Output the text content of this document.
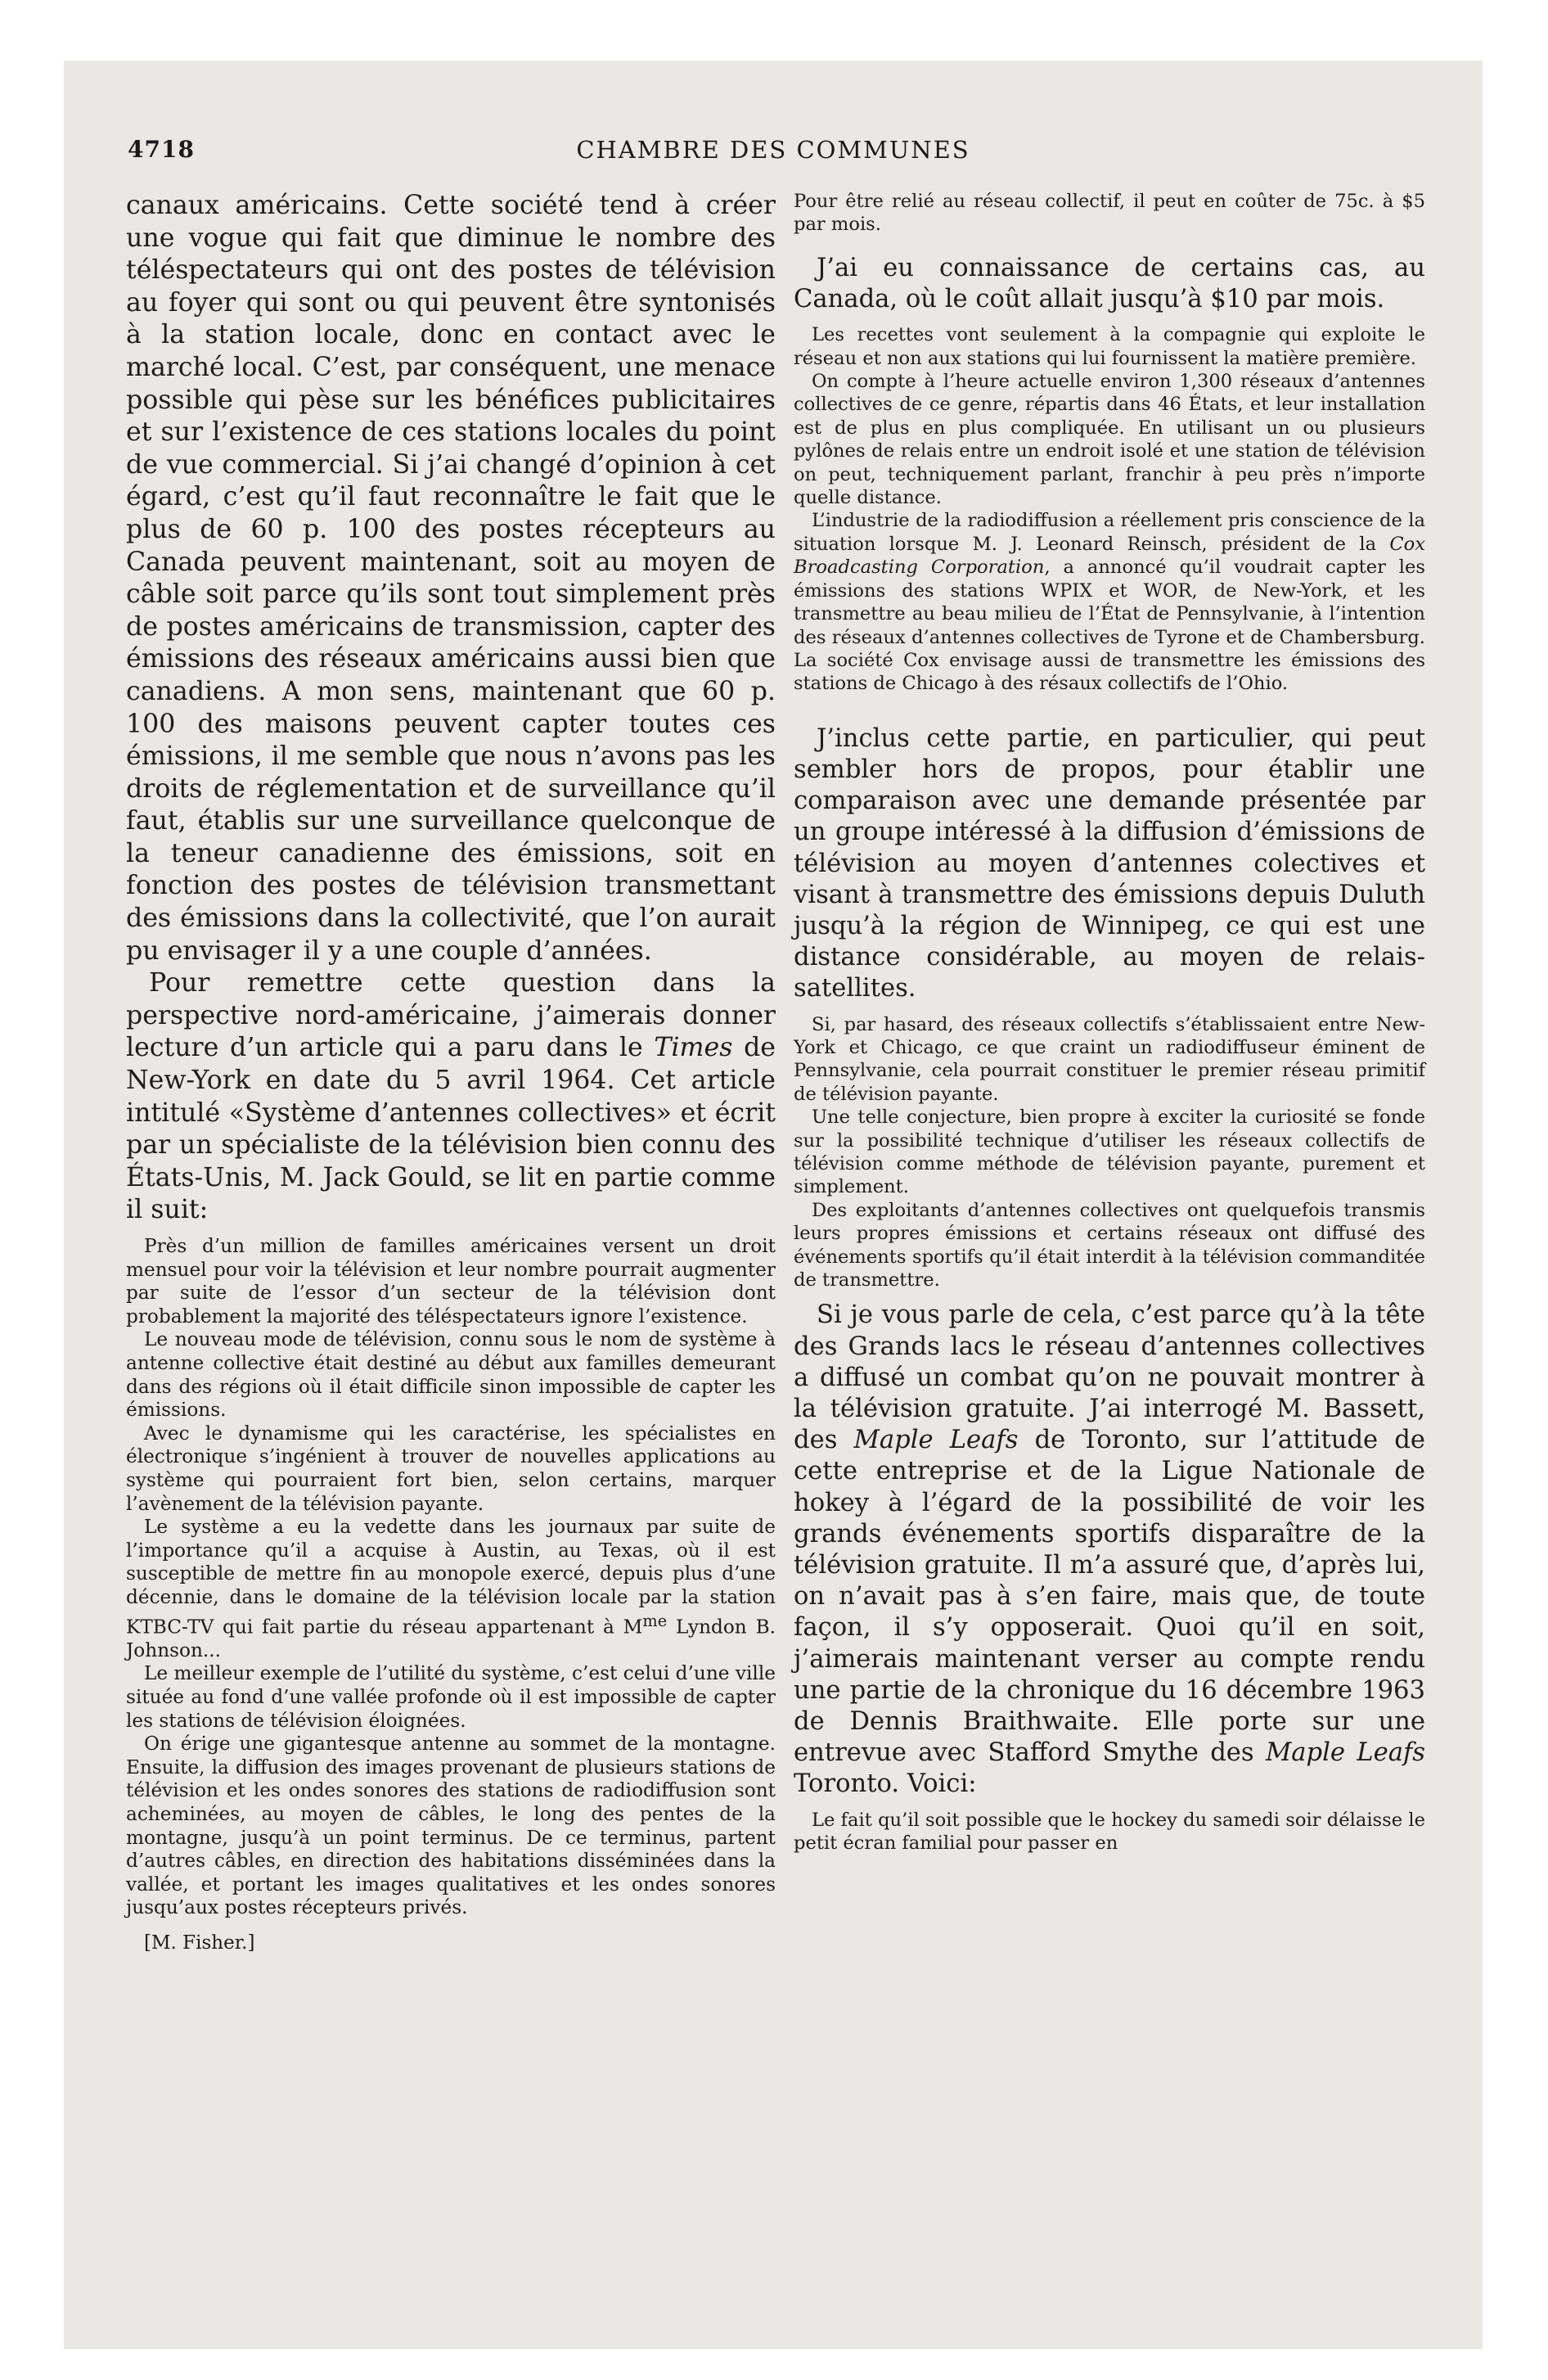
4718	CHAMBRE DES COMMUNES

canaux américains. Cette société tend à créer une vogue qui fait que diminue le nombre des téléspectateurs qui ont des postes de télévision au foyer qui sont ou qui peuvent être syntonisés à la station locale, donc en contact avec le marché local. C’est, par conséquent, une menace possible qui pèse sur les bénéfices publicitaires et sur l’existence de ces stations locales du point de vue commercial. Si j’ai changé d’opinion à cet égard, c’est qu’il faut reconnaître le fait que le plus de 60 p. 100 des postes récepteurs au Canada peuvent maintenant, soit au moyen de câble soit parce qu’ils sont tout simplement près de postes américains de transmission, capter des émissions des réseaux américains aussi bien que canadiens. A mon sens, maintenant que 60 p. 100 des maisons peuvent capter toutes ces émissions, il me semble que nous n’avons pas les droits de réglementation et de surveillance qu’il faut, établis sur une surveillance quelconque de la teneur canadienne des émissions, soit en fonction des postes de télévision transmettant des émissions dans la collectivité, que l’on aurait pu envisager il y a une couple d’années.

Pour remettre cette question dans la perspective nord-américaine, j’aimerais donner lecture d’un article qui a paru dans le Times de New-York en date du 5 avril 1964. Cet article intitulé «Système d’antennes collectives» et écrit par un spécialiste de la télévision bien connu des États-Unis, M. Jack Gould, se lit en partie comme il suit:

Près d’un million de familles américaines versent un droit mensuel pour voir la télévision et leur nombre pourrait augmenter par suite de l’essor d’un secteur de la télévision dont probablement la majorité des téléspectateurs ignore l’existence.

Le nouveau mode de télévision, connu sous le nom de système à antenne collective était destiné au début aux familles demeurant dans des régions où il était difficile sinon impossible de capter les émissions.

Avec le dynamisme qui les caractérise, les spécialistes en électronique s’ingénient à trouver de nouvelles applications au système qui pourraient fort bien, selon certains, marquer l’avènement de la télévision payante.

Le système a eu la vedette dans les journaux par suite de l’importance qu’il a acquise à Austin, au Texas, où il est susceptible de mettre fin au monopole exercé, depuis plus d’une décennie, dans le domaine de la télévision locale par la station KTBC-TV qui fait partie du réseau appartenant à $M^{me}$ Lyndon B. Johnson...

Le meilleur exemple de l’utilité du système, c’est celui d’une ville située au fond d’une vallée profonde où il est impossible de capter les stations de télévision éloignées.

On érige une gigantesque antenne au sommet de la montagne. Ensuite, la diffusion des images provenant de plusieurs stations de télévision et les ondes sonores des stations de radiodiffusion sont acheminées, au moyen de câbles, le long des pentes de la montagne, jusqu’à un point terminus. De ce terminus, partent d’autres câbles, en direction des habitations disséminées dans la vallée, et portant les images qualitatives et les ondes sonores jusqu’aux postes récepteurs privés.

[M. Fisher.]

Pour être relié au réseau collectif, il peut en coûter de 75c. à $5 par mois.

J’ai eu connaissance de certains cas, au Canada, où le coût allait jusqu’à $10 par mois.

Les recettes vont seulement à la compagnie qui exploite le réseau et non aux stations qui lui fournissent la matière première.

On compte à l’heure actuelle environ 1,300 réseaux d’antennes collectives de ce genre, répartis dans 46 États, et leur installation est de plus en plus compliquée. En utilisant un ou plusieurs pylônes de relais entre un endroit isolé et une station de télévision on peut, techniquement parlant, franchir à peu près n’importe quelle distance.

L’industrie de la radiodiffusion a réellement pris conscience de la situation lorsque M. J. Leonard Reinsch, président de la Cox Broadcasting Corporation, a annoncé qu’il voudrait capter les émissions des stations WPIX et WOR, de New-York, et les transmettre au beau milieu de l’État de Pennsylvanie, à l’intention des réseaux d’antennes collectives de Tyrone et de Chambersburg. La société Cox envisage aussi de transmettre les émissions des stations de Chicago à des résaux collectifs de l’Ohio.

J’inclus cette partie, en particulier, qui peut sembler hors de propos, pour établir une comparaison avec une demande présentée par un groupe intéressé à la diffusion d’émissions de télévision au moyen d’antennes colectives et visant à transmettre des émissions depuis Duluth jusqu’à la région de Winnipeg, ce qui est une distance considérable, au moyen de relais-satellites.

Si, par hasard, des réseaux collectifs s’établissaient entre New-York et Chicago, ce que craint un radiodiffuseur éminent de Pennsylvanie, cela pourrait constituer le premier réseau primitif de télévision payante.

Une telle conjecture, bien propre à exciter la curiosité se fonde sur la possibilité technique d’utiliser les réseaux collectifs de télévision comme méthode de télévision payante, purement et simplement.

Des exploitants d’antennes collectives ont quelquefois transmis leurs propres émissions et certains réseaux ont diffusé des événements sportifs qu’il était interdit à la télévision commanditée de transmettre.

Si je vous parle de cela, c’est parce qu’à la tête des Grands lacs le réseau d’antennes collectives a diffusé un combat qu’on ne pouvait montrer à la télévision gratuite. J’ai interrogé M. Bassett, des Maple Leafs de Toronto, sur l’attitude de cette entreprise et de la Ligue Nationale de hokey à l’égard de la possibilité de voir les grands événements sportifs disparaître de la télévision gratuite. Il m’a assuré que, d’après lui, on n’avait pas à s’en faire, mais que, de toute façon, il s’y opposerait. Quoi qu’il en soit, j’aimerais maintenant verser au compte rendu une partie de la chronique du 16 décembre 1963 de Dennis Braithwaite. Elle porte sur une entrevue avec Stafford Smythe des Maple Leafs Toronto. Voici:

Le fait qu’il soit possible que le hockey du samedi soir délaisse le petit écran familial pour passer en
